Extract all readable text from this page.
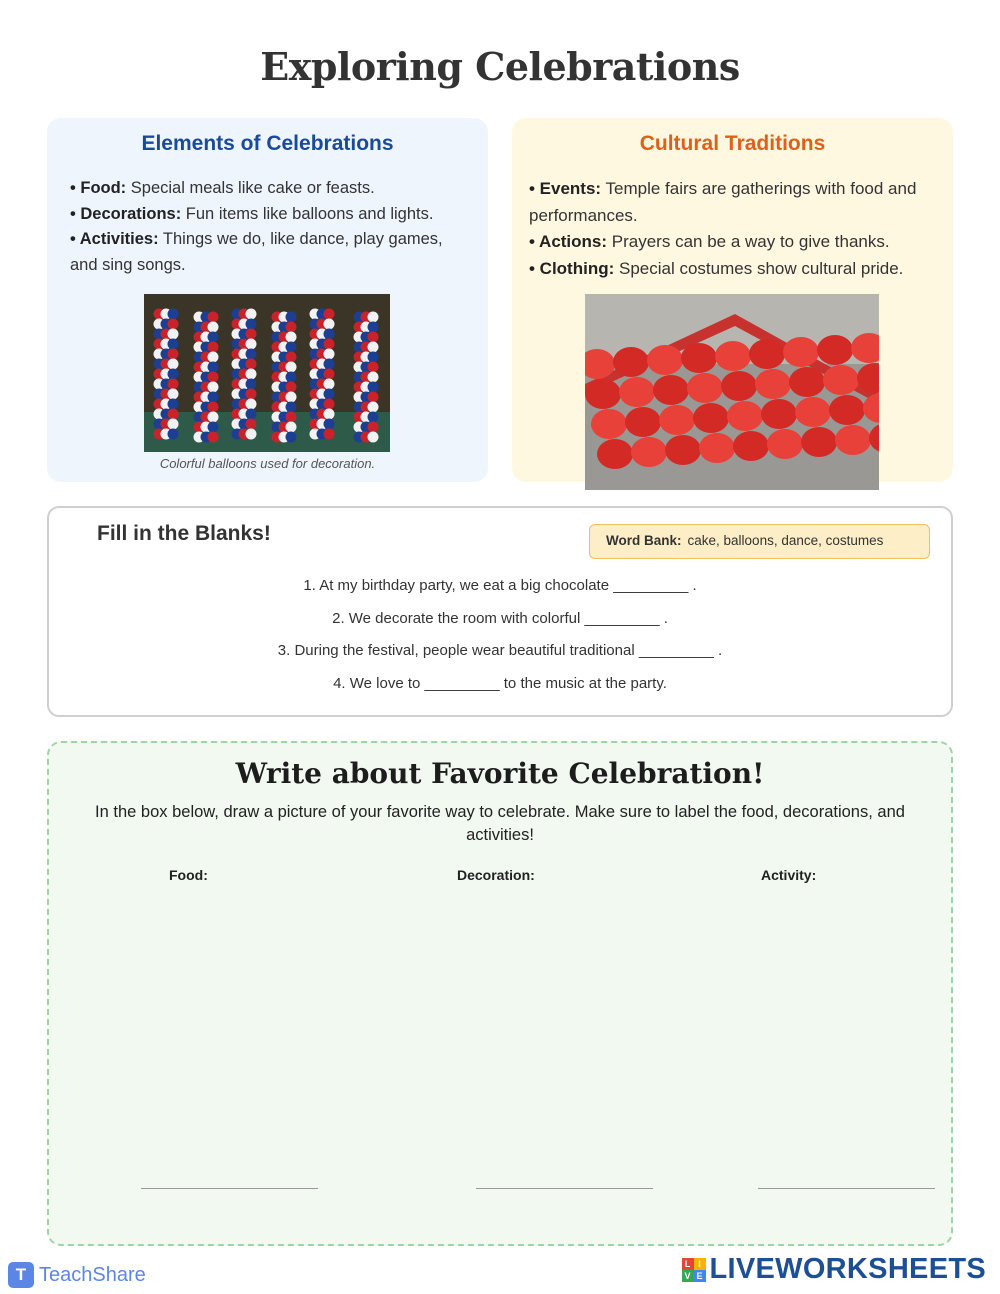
Exploring Celebrations
Elements of Celebrations

• Food: Special meals like cake or feasts.

• Decorations: Fun items like balloons and lights.

• Activities: Things we do, like dance, play games, and sing songs.

Colorful balloons used for decoration.
Cultural Traditions

• Events: Temple fairs are gatherings with food and performances.

• Actions: Prayers can be a way to give thanks.

• Clothing: Special costumes show cultural pride.

Fill in the Blanks!	Word Bank: cake, balloons, dance, costumes
1. At my birthday party, we eat a big chocolate _________ .
2. We decorate the room with colorful _________ .
3. During the festival, people wear beautiful traditional _________ .
4. We love to _________ to the music at the party.
Write about Favorite Celebration!
In the box below, draw a picture of your favorite way to celebrate. Make sure to label the food, decorations, and activities!
Food:	Decoration:	Activity:
T TeachShare	L I
V E LIVEWORKSHEETS
